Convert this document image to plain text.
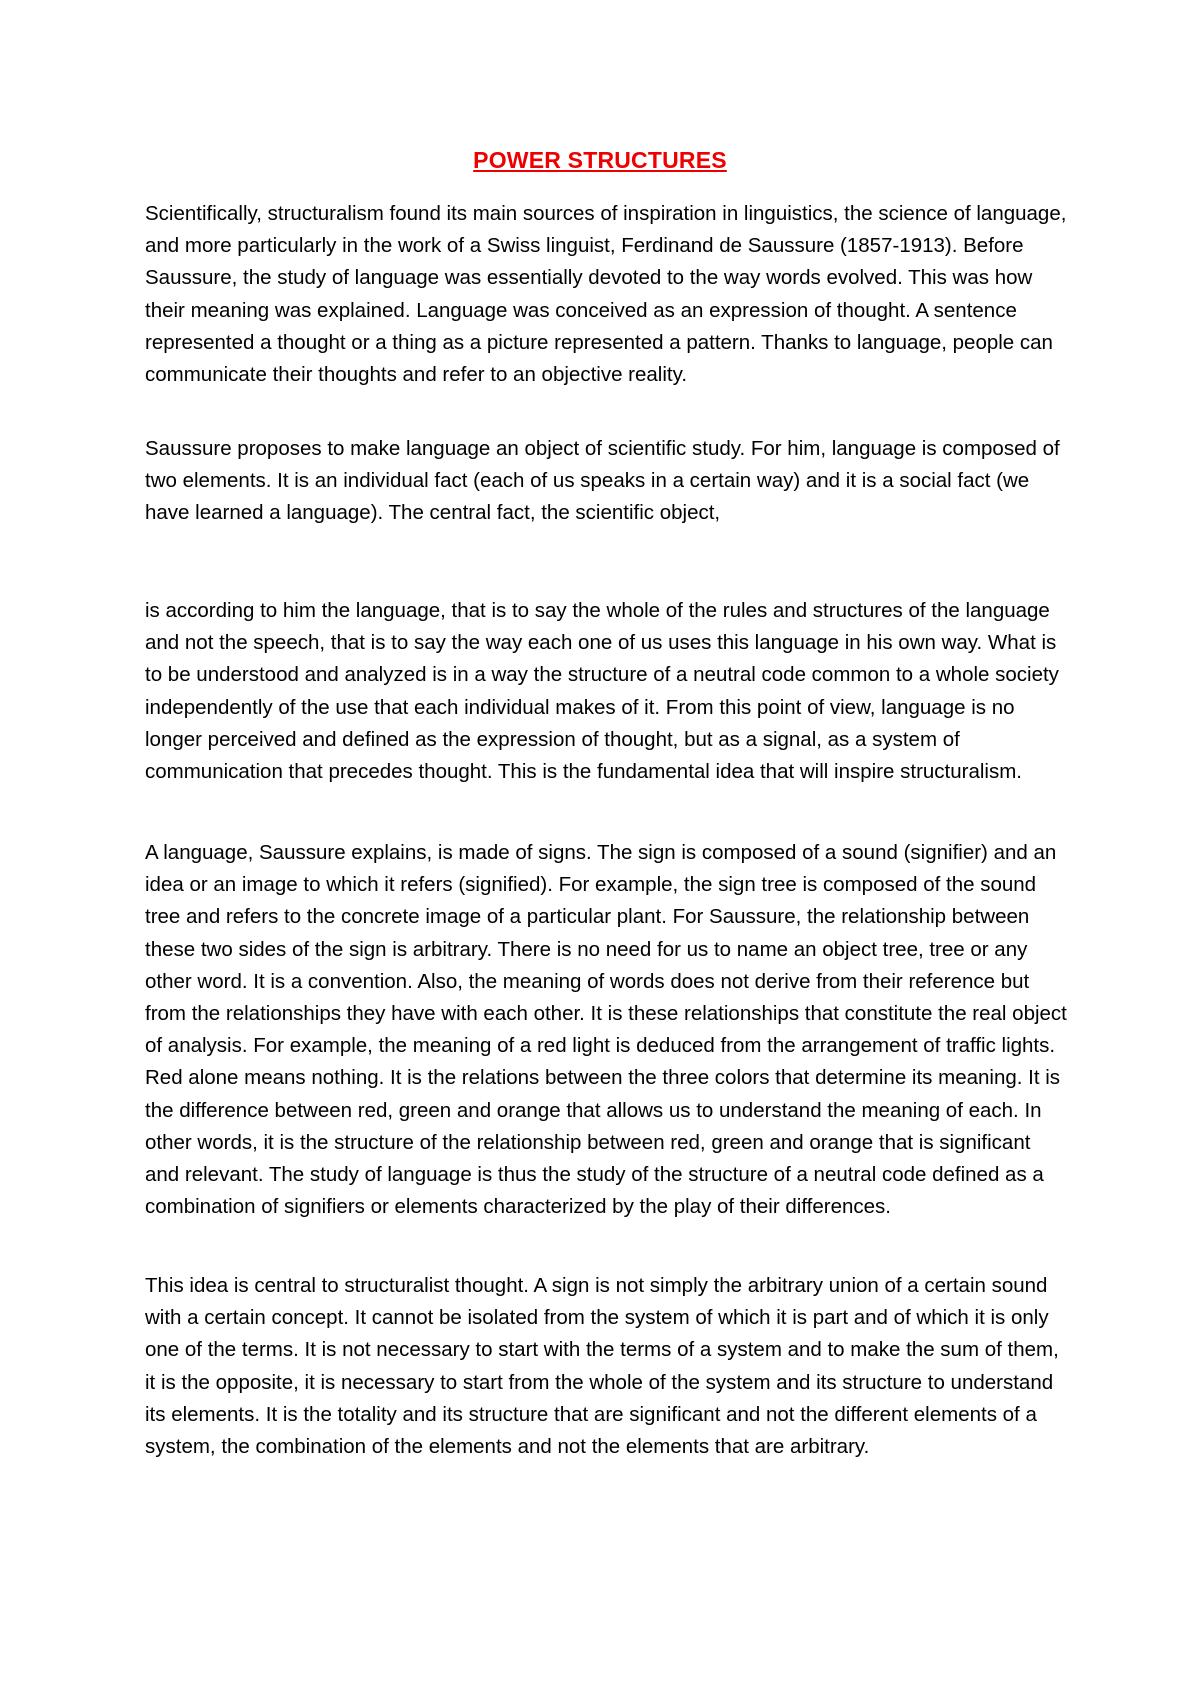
POWER STRUCTURES

Scientifically, structuralism found its main sources of inspiration in linguistics, the science of language, and more particularly in the work of a Swiss linguist, Ferdinand de Saussure (1857-1913). Before Saussure, the study of language was essentially devoted to the way words evolved. This was how their meaning was explained. Language was conceived as an expression of thought. A sentence represented a thought or a thing as a picture represented a pattern. Thanks to language, people can communicate their thoughts and refer to an objective reality.

Saussure proposes to make language an object of scientific study. For him, language is composed of two elements. It is an individual fact (each of us speaks in a certain way) and it is a social fact (we have learned a language). The central fact, the scientific object,

is according to him the language, that is to say the whole of the rules and structures of the language and not the speech, that is to say the way each one of us uses this language in his own way. What is to be understood and analyzed is in a way the structure of a neutral code common to a whole society independently of the use that each individual makes of it. From this point of view, language is no longer perceived and defined as the expression of thought, but as a signal, as a system of communication that precedes thought. This is the fundamental idea that will inspire structuralism.

A language, Saussure explains, is made of signs. The sign is composed of a sound (signifier) and an idea or an image to which it refers (signified). For example, the sign tree is composed of the sound tree and refers to the concrete image of a particular plant. For Saussure, the relationship between these two sides of the sign is arbitrary. There is no need for us to name an object tree, tree or any other word. It is a convention. Also, the meaning of words does not derive from their reference but from the relationships they have with each other. It is these relationships that constitute the real object of analysis. For example, the meaning of a red light is deduced from the arrangement of traffic lights. Red alone means nothing. It is the relations between the three colors that determine its meaning. It is the difference between red, green and orange that allows us to understand the meaning of each. In other words, it is the structure of the relationship between red, green and orange that is significant and relevant. The study of language is thus the study of the structure of a neutral code defined as a combination of signifiers or elements characterized by the play of their differences.

This idea is central to structuralist thought. A sign is not simply the arbitrary union of a certain sound with a certain concept. It cannot be isolated from the system of which it is part and of which it is only one of the terms. It is not necessary to start with the terms of a system and to make the sum of them, it is the opposite, it is necessary to start from the whole of the system and its structure to understand its elements. It is the totality and its structure that are significant and not the different elements of a system, the combination of the elements and not the elements that are arbitrary.
